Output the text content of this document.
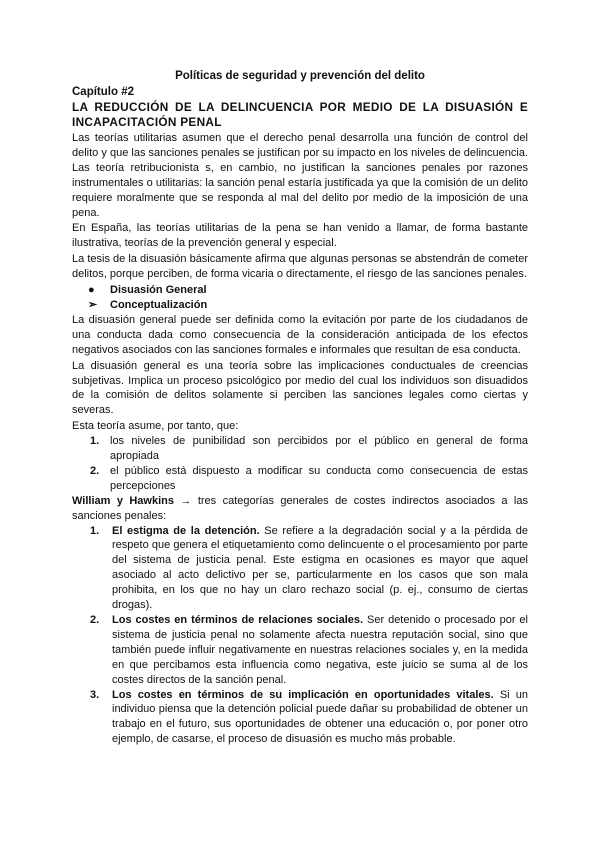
Políticas de seguridad y prevención del delito
Capítulo #2
LA REDUCCIÓN DE LA DELINCUENCIA POR MEDIO DE LA DISUASIÓN E INCAPACITACIÓN PENAL

Las teorías utilitarias asumen que el derecho penal desarrolla una función de control del delito y que las sanciones penales se justifican por su impacto en los niveles de delincuencia. Las teoría retribucionista s, en cambio, no justifican la sanciones penales por razones instrumentales o utilitarias: la sanción penal estaría justificada ya que la comisión de un delito requiere moralmente que se responda al mal del delito por medio de la imposición de una pena.

En España, las teorías utilitarias de la pena se han venido a llamar, de forma bastante ilustrativa, teorías de la prevención general y especial.

La tesis de la disuasión básicamente afirma que algunas personas se abstendrán de cometer delitos, porque perciben, de forma vicaria o directamente, el riesgo de las sanciones penales.

●	Disuasión General
➢ Conceptualización

La disuasión general puede ser definida como la evitación por parte de los ciudadanos de una conducta dada como consecuencia de la consideración anticipada de los efectos negativos asociados con las sanciones formales e informales que resultan de esa conducta.

La disuasión general es una teoría sobre las implicaciones conductuales de creencias subjetivas. Implica un proceso psicológico por medio del cual los individuos son disuadidos de la comisión de delitos solamente si perciben las sanciones legales como ciertas y severas.

Esta teoría asume, por tanto, que:

1. los niveles de punibilidad son percibidos por el público en general de forma apropiada
2. el público está dispuesto a modificar su conducta como consecuencia de estas percepciones

William y Hawkins → tres categorías generales de costes indirectos asociados a las sanciones penales:

1.	El estigma de la detención. Se refiere a la degradación social y a la pérdida de respeto que genera el etiquetamiento como delincuente o el procesamiento por parte del sistema de justicia penal. Este estigma en ocasiones es mayor que aquel asociado al acto delictivo per se, particularmente en los casos que son mala prohibita, en los que no hay un claro rechazo social (p. ej., consumo de ciertas drogas).
2.	Los costes en términos de relaciones sociales. Ser detenido o procesado por el sistema de justicia penal no solamente afecta nuestra reputación social, sino que también puede influir negativamente en nuestras relaciones sociales y, en la medida en que percibamos esta influencia como negativa, este juicio se suma al de los costes directos de la sanción penal.
3.	Los costes en términos de su implicación en oportunidades vitales. Si un individuo piensa que la detención policial puede dañar su probabilidad de obtener un trabajo en el futuro, sus oportunidades de obtener una educación o, por poner otro ejemplo, de casarse, el proceso de disuasión es mucho más probable.
